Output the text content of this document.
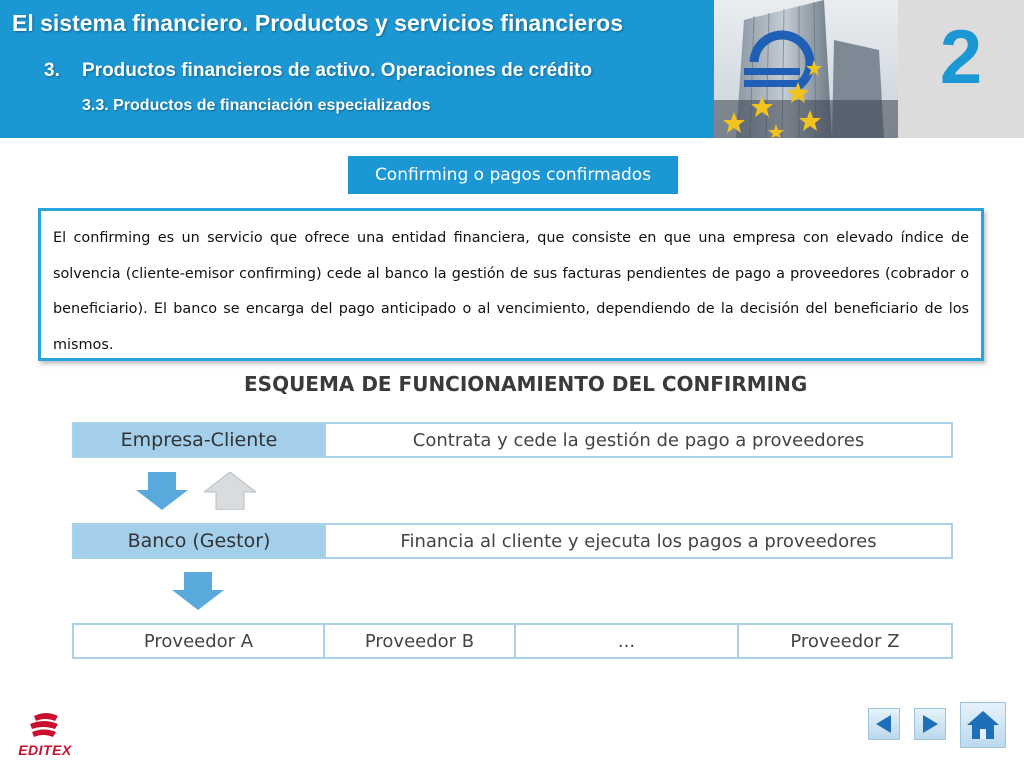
El sistema financiero. Productos y servicios financieros

3. Productos financieros de activo. Operaciones de crédito

3.3. Productos de financiación especializados

2
Confirming o pagos confirmados

El confirming es un servicio que ofrece una entidad financiera, que consiste en que una empresa con elevado índice de solvencia (cliente-emisor confirming) cede al banco la gestión de sus facturas pendientes de pago a proveedores (cobrador o beneficiario). El banco se encarga del pago anticipado o al vencimiento, dependiendo de la decisión del beneficiario de los mismos.

ESQUEMA DE FUNCIONAMIENTO DEL CONFIRMING
Empresa-Cliente	Contrata y cede la gestión de pago a proveedores
Banco (Gestor)	Financia al cliente y ejecuta los pagos a proveedores
Proveedor A	Proveedor B	...	Proveedor Z
EDITEX
